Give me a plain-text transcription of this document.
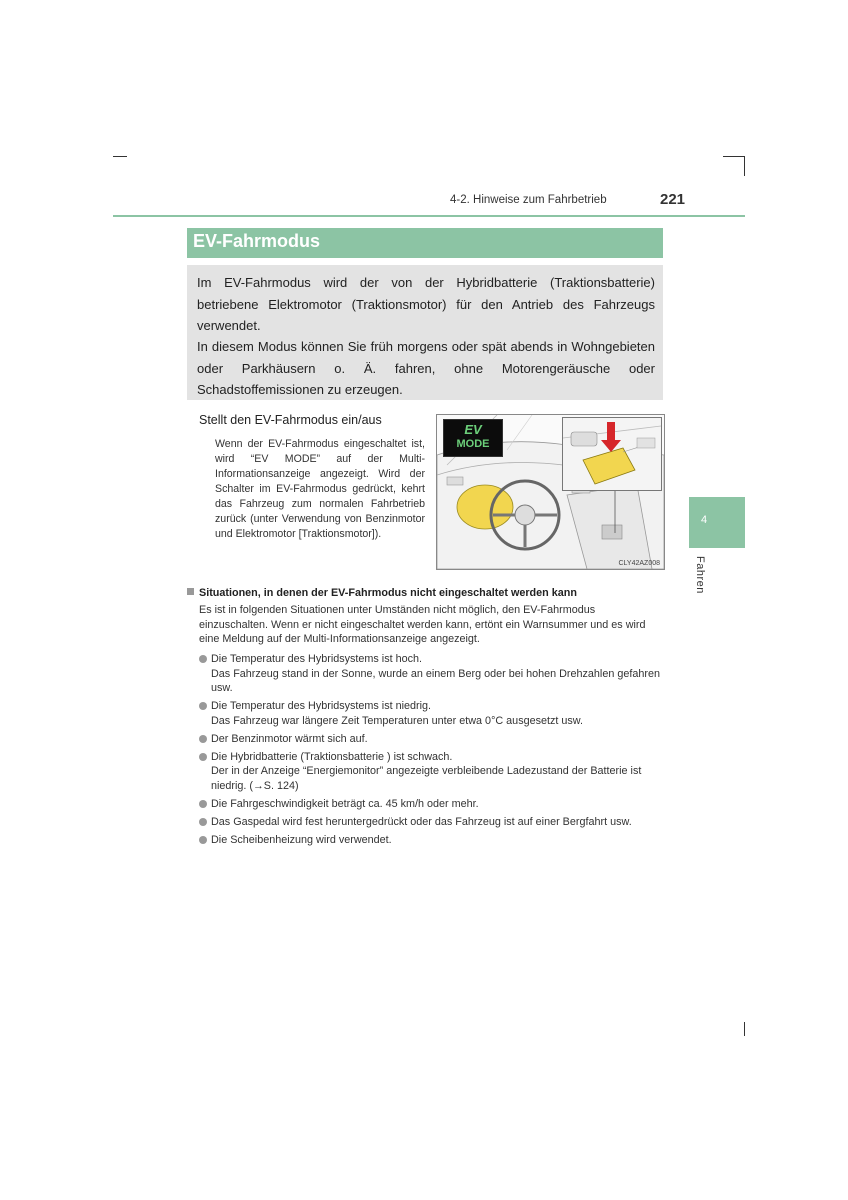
4-2. Hinweise zum Fahrbetrieb	221
4
Fahren
EV-Fahrmodus

Im EV-Fahrmodus wird der von der Hybridbatterie (Traktionsbatterie) betriebene Elektromotor (Traktionsmotor) für den Antrieb des Fahrzeugs verwendet.

In diesem Modus können Sie früh morgens oder spät abends in Wohngebieten oder Parkhäusern o. Ä. fahren, ohne Motorengeräusche oder Schadstoffemissionen zu erzeugen.

Stellt den EV-Fahrmodus ein/aus

Wenn der EV-Fahrmodus eingeschaltet ist, wird “EV MODE” auf der Multi-Informationsanzeige angezeigt. Wird der Schalter im EV-Fahrmodus gedrückt, kehrt das Fahrzeug zum normalen Fahrbetrieb zurück (unter Verwendung von Benzinmotor und Elektromotor [Traktionsmotor]).

EV
MODE
CLY42AZ008
Situationen, in denen der EV-Fahrmodus nicht eingeschaltet werden kann

Es ist in folgenden Situationen unter Umständen nicht möglich, den EV-Fahrmodus einzuschalten. Wenn er nicht eingeschaltet werden kann, ertönt ein Warnsummer und es wird eine Meldung auf der Multi-Informationsanzeige angezeigt.

Die Temperatur des Hybridsystems ist hoch.
Das Fahrzeug stand in der Sonne, wurde an einem Berg oder bei hohen Drehzahlen gefahren usw.
Die Temperatur des Hybridsystems ist niedrig.
Das Fahrzeug war längere Zeit Temperaturen unter etwa 0°C ausgesetzt usw.
Der Benzinmotor wärmt sich auf.
Die Hybridbatterie (Traktionsbatterie ) ist schwach.
Der in der Anzeige “Energiemonitor” angezeigte verbleibende Ladezustand der Batterie ist niedrig. (→S. 124)
Die Fahrgeschwindigkeit beträgt ca. 45 km/h oder mehr.
Das Gaspedal wird fest heruntergedrückt oder das Fahrzeug ist auf einer Bergfahrt usw.
Die Scheibenheizung wird verwendet.
